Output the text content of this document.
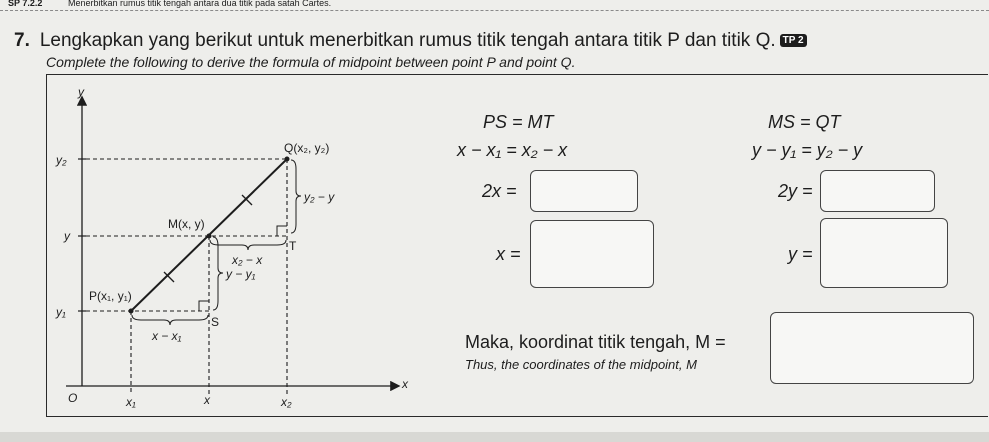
SP 7.2.2	Menerbitkan rumus titik tengah antara dua titik pada satah Cartes.
7. Lengkapkan yang berikut untuk menerbitkan rumus titik tengah antara titik P dan titik Q. TP 2
Complete the following to derive the formula of midpoint between point P and point Q.
y
x
O
y₂
y
y₁
x₁	x	x₂
P(x₁, y₁)
M(x, y)
Q(x₂, y₂)
S
T
x − x₁
x₂ − x
y − y₁
y₂ − y
PS = MT
x − x₁ = x₂ − x
2x =
x =
MS = QT
y − y₁ = y₂ − y
2y =
y =
Maka, koordinat titik tengah, M =
Thus, the coordinates of the midpoint, M
